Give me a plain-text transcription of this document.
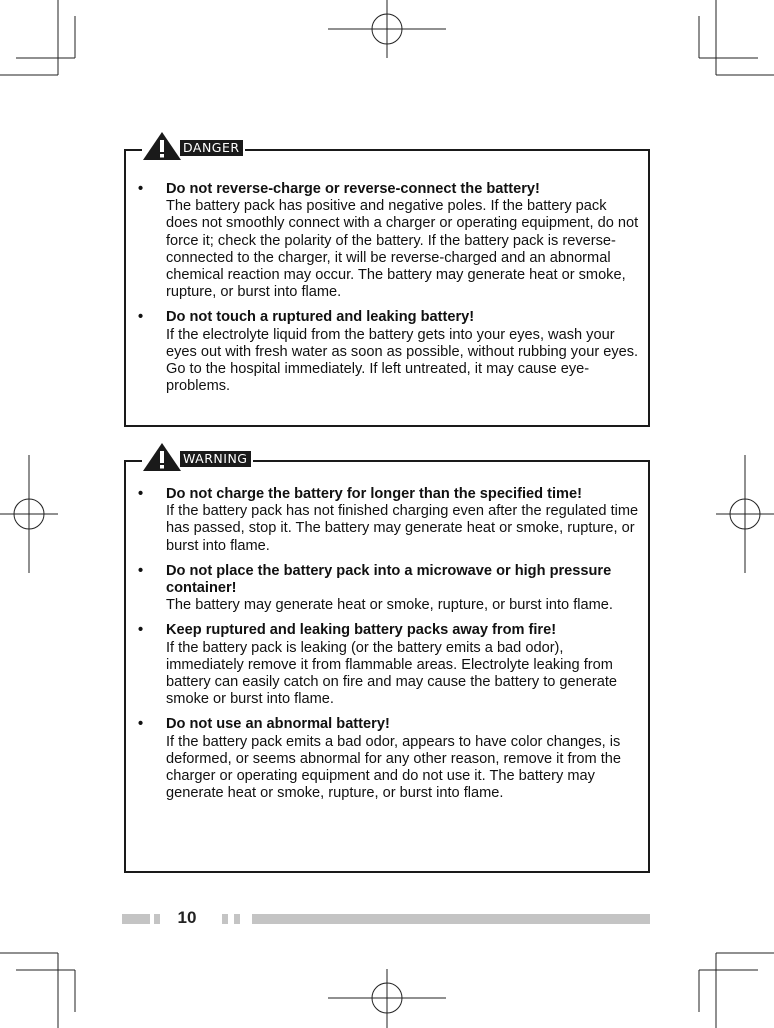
DANGER
• Do not reverse-charge or reverse-connect the battery!
The battery pack has positive and negative poles. If the battery pack does not smoothly connect with a charger or operating equipment, do not force it; check the polarity of the battery. If the battery pack is reverse-connected to the charger, it will be reverse-charged and an abnormal chemical reaction may occur. The battery may generate heat or smoke, rupture, or burst into flame.
• Do not touch a ruptured and leaking battery!
If the electrolyte liquid from the battery gets into your eyes, wash your eyes out with fresh water as soon as possible, without rubbing your eyes. Go to the hospital immediately. If left untreated, it may cause eye-problems.
WARNING
• Do not charge the battery for longer than the specified time!
If the battery pack has not finished charging even after the regulated time has passed, stop it. The battery may generate heat or smoke, rupture, or burst into flame.
• Do not place the battery pack into a microwave or high pressure container!
The battery may generate heat or smoke, rupture, or burst into flame.
• Keep ruptured and leaking battery packs away from fire!
If the battery pack is leaking (or the battery emits a bad odor), immediately remove it from flammable areas. Electrolyte leaking from battery can easily catch on fire and may cause the battery to generate smoke or burst into flame.
• Do not use an abnormal battery!
If the battery pack emits a bad odor, appears to have color changes, is deformed, or seems abnormal for any other reason, remove it from the charger or operating equipment and do not use it. The battery may generate heat or smoke, rupture, or burst into flame.
10
